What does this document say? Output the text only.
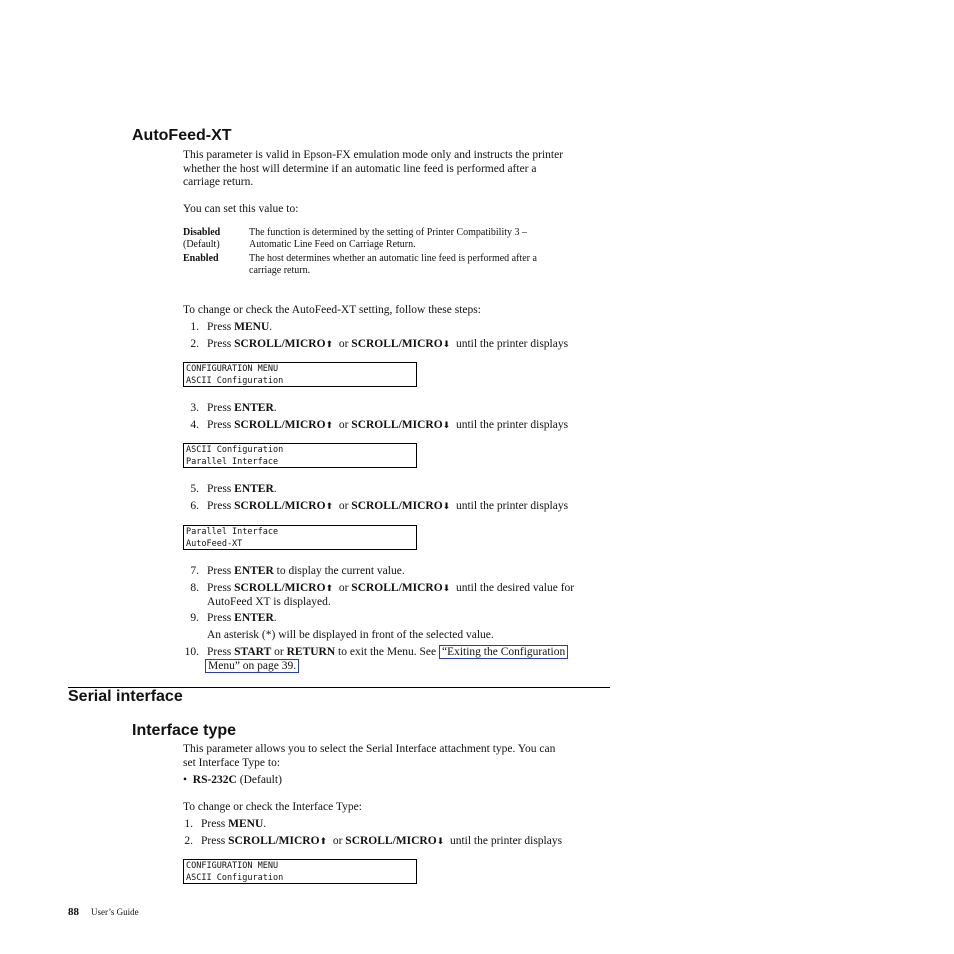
AutoFeed-XT
This parameter is valid in Epson-FX emulation mode only and instructs the printer
whether the host will determine if an automatic line feed is performed after a
carriage return.
You can set this value to:
Disabled
(Default)
The function is determined by the setting of Printer Compatibility 3 –
Automatic Line Feed on Carriage Return.
Enabled	The host determines whether an automatic line feed is performed after a
carriage return.
To change or check the AutoFeed-XT setting, follow these steps:
1. Press MENU.
2. Press SCROLL/MICRO⬆ or SCROLL/MICRO⬇ until the printer displays
CONFIGURATION MENU
ASCII Configuration
3. Press ENTER.
4. Press SCROLL/MICRO⬆ or SCROLL/MICRO⬇ until the printer displays
ASCII Configuration
Parallel Interface
5. Press ENTER.
6. Press SCROLL/MICRO⬆ or SCROLL/MICRO⬇ until the printer displays
Parallel Interface
AutoFeed-XT
7. Press ENTER to display the current value.
8. Press SCROLL/MICRO⬆ or SCROLL/MICRO⬇ until the desired value for
AutoFeed XT is displayed.
9. Press ENTER.
An asterisk (*) will be displayed in front of the selected value.
10. Press START or RETURN to exit the Menu. See “Exiting the Configuration
Menu” on page 39.
Serial interface
Interface type
This parameter allows you to select the Serial Interface attachment type. You can
set Interface Type to:
• RS-232C (Default)
To change or check the Interface Type:
1. Press MENU.
2. Press SCROLL/MICRO⬆ or SCROLL/MICRO⬇ until the printer displays
CONFIGURATION MENU
ASCII Configuration
88 User’s Guide
